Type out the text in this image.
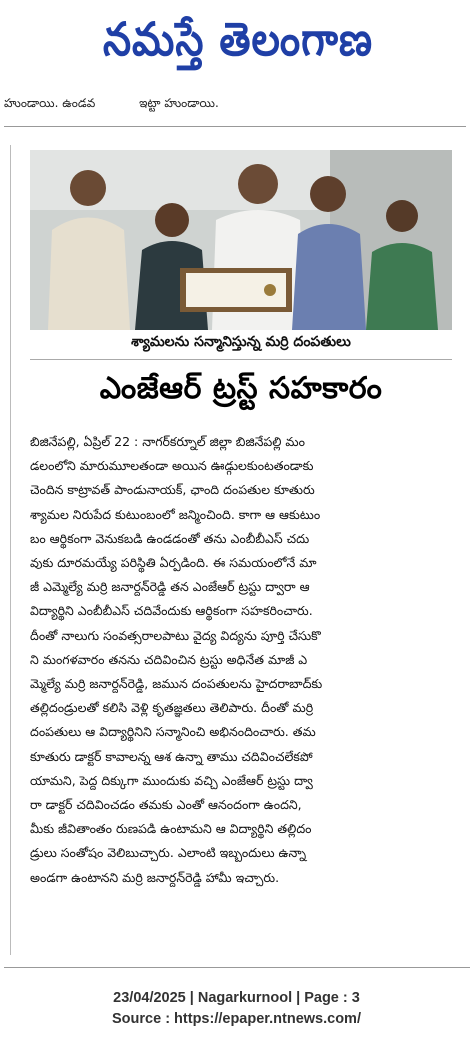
నమస్తే తెలంగాణ
హుండాయి. ఉండవ	ఇట్టా హుండాయి.
శ్యామలను సన్మానిస్తున్న మర్రి దంపతులు
ఎంజేఆర్ ట్రస్ట్ సహకారం
బిజినేపల్లి, ఏప్రిల్ 22 : నాగర్‌కర్నూల్ జిల్లా బిజినేపల్లి మం
డలంలోని మారుమూలతండా అయిన ఊడ్గులకుంటతండాకు
చెందిన కాట్రావత్ పాండునాయక్, ఛాంది దంపతుల కూతురు
శ్యామల నిరుపేద కుటుంబంలో జన్మించింది. కాగా ఆ ఆకుటుం
బం ఆర్థికంగా వెనుకబడి ఉండడంతో తను ఎంబీబీఎస్ చదు
వుకు దూరమయ్యే పరిస్థితి ఏర్పడింది. ఈ సమయంలోనే మా
జీ ఎమ్మెల్యే మర్రి జనార్దన్‌రెడ్డి తన ఎంజేఆర్ ట్రస్టు ద్వారా ఆ
విద్యార్థిని ఎంబీబీఎస్ చదివేందుకు ఆర్థికంగా సహకరించారు.
దీంతో నాలుగు సంవత్సరాలపాటు వైద్య విద్యను పూర్తి చేసుకొ
ని మంగళవారం తనను చదివించిన ట్రస్టు అధినేత మాజీ ఎ
మ్మెల్యే మర్రి జనార్దన్‌రెడ్డి, జమున దంపతులను హైదరాబాద్‌కు
తల్లిదండ్రులతో కలిసి వెళ్లి కృతజ్ఞతలు తెలిపారు. దీంతో మర్రి
దంపతులు ఆ విద్యార్థినిని సన్మానించి అభినందించారు. తమ
కూతురు డాక్టర్ కావాలన్న ఆశ ఉన్నా తాము చదివించలేకపో
యామని, పెద్ద దిక్కుగా ముందుకు వచ్చి ఎంజేఆర్ ట్రస్టు ద్వా
రా డాక్టర్ చదివించడం తమకు ఎంతో ఆనందంగా ఉందని,
మీకు జీవితాంతం రుణపడి ఉంటామని ఆ విద్యార్థిని తల్లిదం
డ్రులు సంతోషం వెలిబుచ్చారు. ఎలాంటి ఇబ్బందులు ఉన్నా
అండగా ఉంటానని మర్రి జనార్దన్‌రెడ్డి హామీ ఇచ్చారు.
23/04/2025 | Nagarkurnool | Page : 3
Source : https://epaper.ntnews.com/
